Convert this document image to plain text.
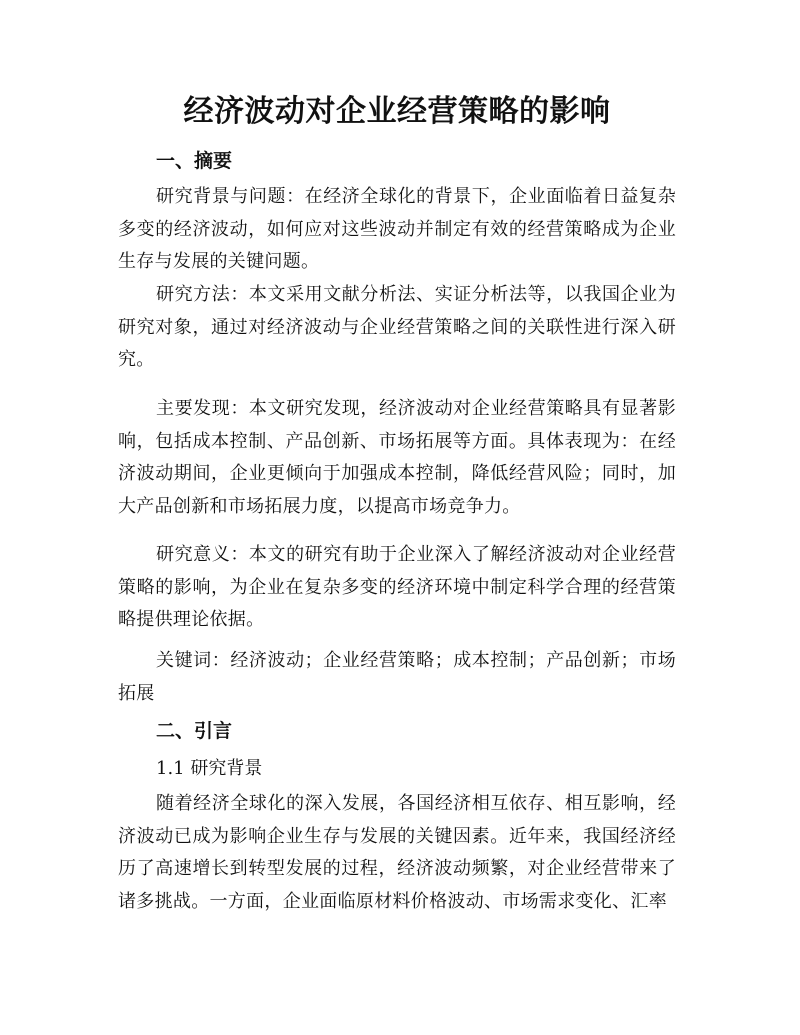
经济波动对企业经营策略的影响
一、摘要

研究背景与问题：在经济全球化的背景下，企业面临着日益复杂多变的经济波动，如何应对这些波动并制定有效的经营策略成为企业生存与发展的关键问题。

研究方法：本文采用文献分析法、实证分析法等，以我国企业为研究对象，通过对经济波动与企业经营策略之间的关联性进行深入研究。

主要发现：本文研究发现，经济波动对企业经营策略具有显著影响，包括成本控制、产品创新、市场拓展等方面。具体表现为：在经济波动期间，企业更倾向于加强成本控制，降低经营风险；同时，加大产品创新和市场拓展力度，以提高市场竞争力。

研究意义：本文的研究有助于企业深入了解经济波动对企业经营策略的影响，为企业在复杂多变的经济环境中制定科学合理的经营策略提供理论依据。

关键词：经济波动；企业经营策略；成本控制；产品创新；市场拓展

二、引言
1.1 研究背景

随着经济全球化的深入发展，各国经济相互依存、相互影响，经济波动已成为影响企业生存与发展的关键因素。近年来，我国经济经历了高速增长到转型发展的过程，经济波动频繁，对企业经营带来了诸多挑战。一方面，企业面临原材料价格波动、市场需求变化、汇率
